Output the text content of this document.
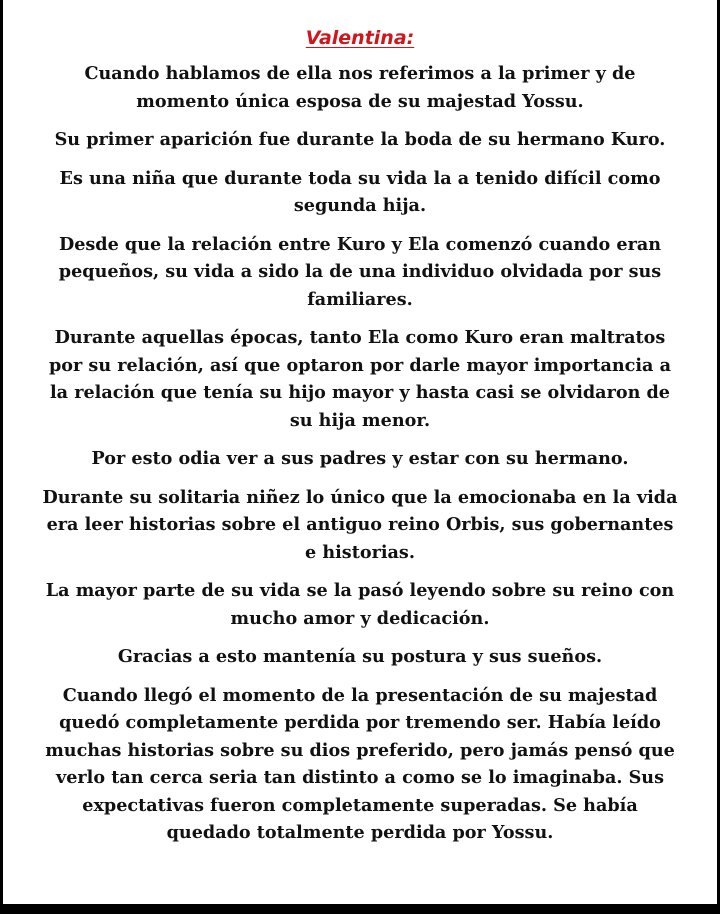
Valentina:

Cuando hablamos de ella nos referimos a la primer y de momento única esposa de su majestad Yossu.

Su primer aparición fue durante la boda de su hermano Kuro.

Es una niña que durante toda su vida la a tenido difícil como segunda hija.

Desde que la relación entre Kuro y Ela comenzó cuando eran pequeños, su vida a sido la de una individuo olvidada por sus familiares.

Durante aquellas épocas, tanto Ela como Kuro eran maltratos por su relación, así que optaron por darle mayor importancia a la relación que tenía su hijo mayor y hasta casi se olvidaron de su hija menor.

Por esto odia ver a sus padres y estar con su hermano.

Durante su solitaria niñez lo único que la emocionaba en la vida era leer historias sobre el antiguo reino Orbis, sus gobernantes e historias.

La mayor parte de su vida se la pasó leyendo sobre su reino con mucho amor y dedicación.

Gracias a esto mantenía su postura y sus sueños.

Cuando llegó el momento de la presentación de su majestad quedó completamente perdida por tremendo ser. Había leído muchas historias sobre su dios preferido, pero jamás pensó que verlo tan cerca seria tan distinto a como se lo imaginaba. Sus expectativas fueron completamente superadas. Se había quedado totalmente perdida por Yossu.
